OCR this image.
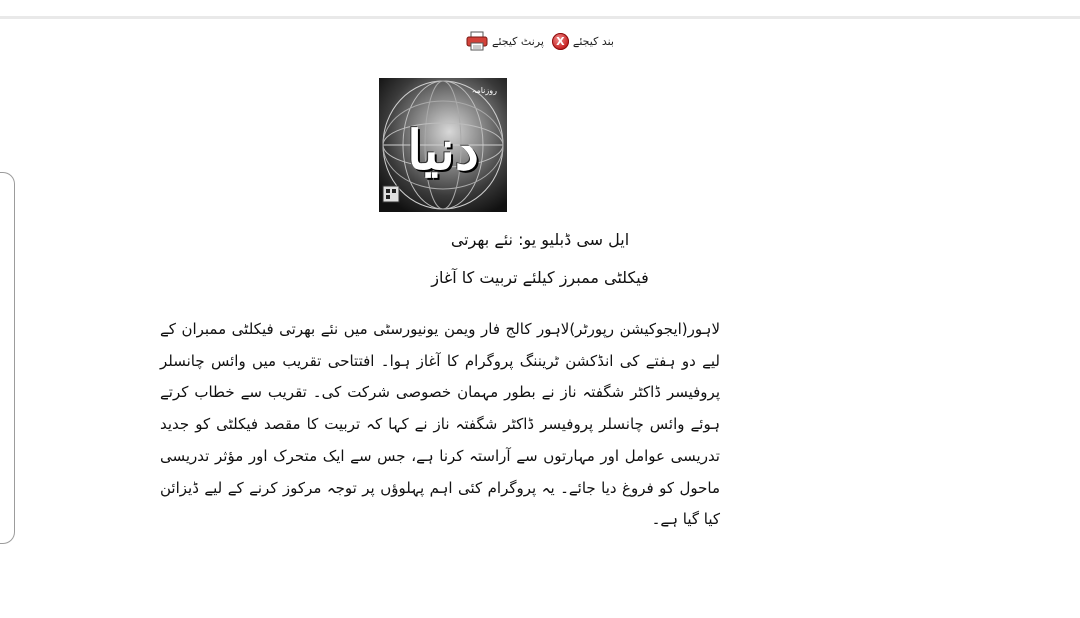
بند کیجئے
X
پرنٹ کیجئے
روزنامہ
دنیا
ایل سی ڈبلیو یو: نئے بھرتی
فیکلٹی ممبرز کیلئے تربیت کا آغاز
لاہور(ایجوکیشن رپورٹر)لاہور کالج فار ویمن یونیورسٹی میں نئے بھرتی فیکلٹی ممبران کے لیے دو ہفتے کی انڈکشن ٹریننگ پروگرام کا آغاز ہوا۔ افتتاحی تقریب میں وائس چانسلر پروفیسر ڈاکٹر شگفتہ ناز نے بطور مہمان خصوصی شرکت کی۔ تقریب سے خطاب کرتے ہوئے وائس چانسلر پروفیسر ڈاکٹر شگفتہ ناز نے کہا کہ تربیت کا مقصد فیکلٹی کو جدید تدریسی عوامل اور مہارتوں سے آراستہ کرنا ہے، جس سے ایک متحرک اور مؤثر تدریسی ماحول کو فروغ دیا جائے۔ یہ پروگرام کئی اہم پہلوؤں پر توجہ مرکوز کرنے کے لیے ڈیزائن کیا گیا ہے۔
